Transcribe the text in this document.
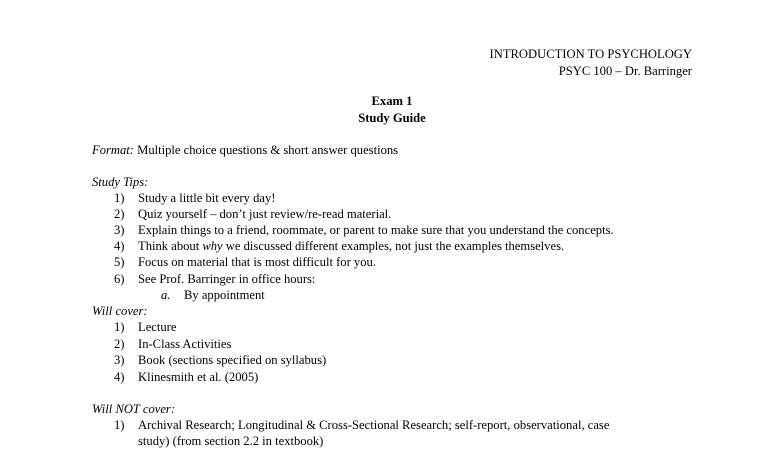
INTRODUCTION TO PSYCHOLOGY
PSYC 100 – Dr. Barringer
Exam 1
Study Guide
Format: Multiple choice questions & short answer questions
Study Tips:
1) Study a little bit every day!
2) Quiz yourself – don’t just review/re-read material.
3) Explain things to a friend, roommate, or parent to make sure that you understand the concepts.
4) Think about why we discussed different examples, not just the examples themselves.
5) Focus on material that is most difficult for you.
6) See Prof. Barringer in office hours:
a. By appointment
Will cover:
1) Lecture
2) In-Class Activities
3) Book (sections specified on syllabus)
4) Klinesmith et al. (2005)
Will NOT cover:
1) Archival Research; Longitudinal & Cross-Sectional Research; self-report, observational, case
study) (from section 2.2 in textbook)
